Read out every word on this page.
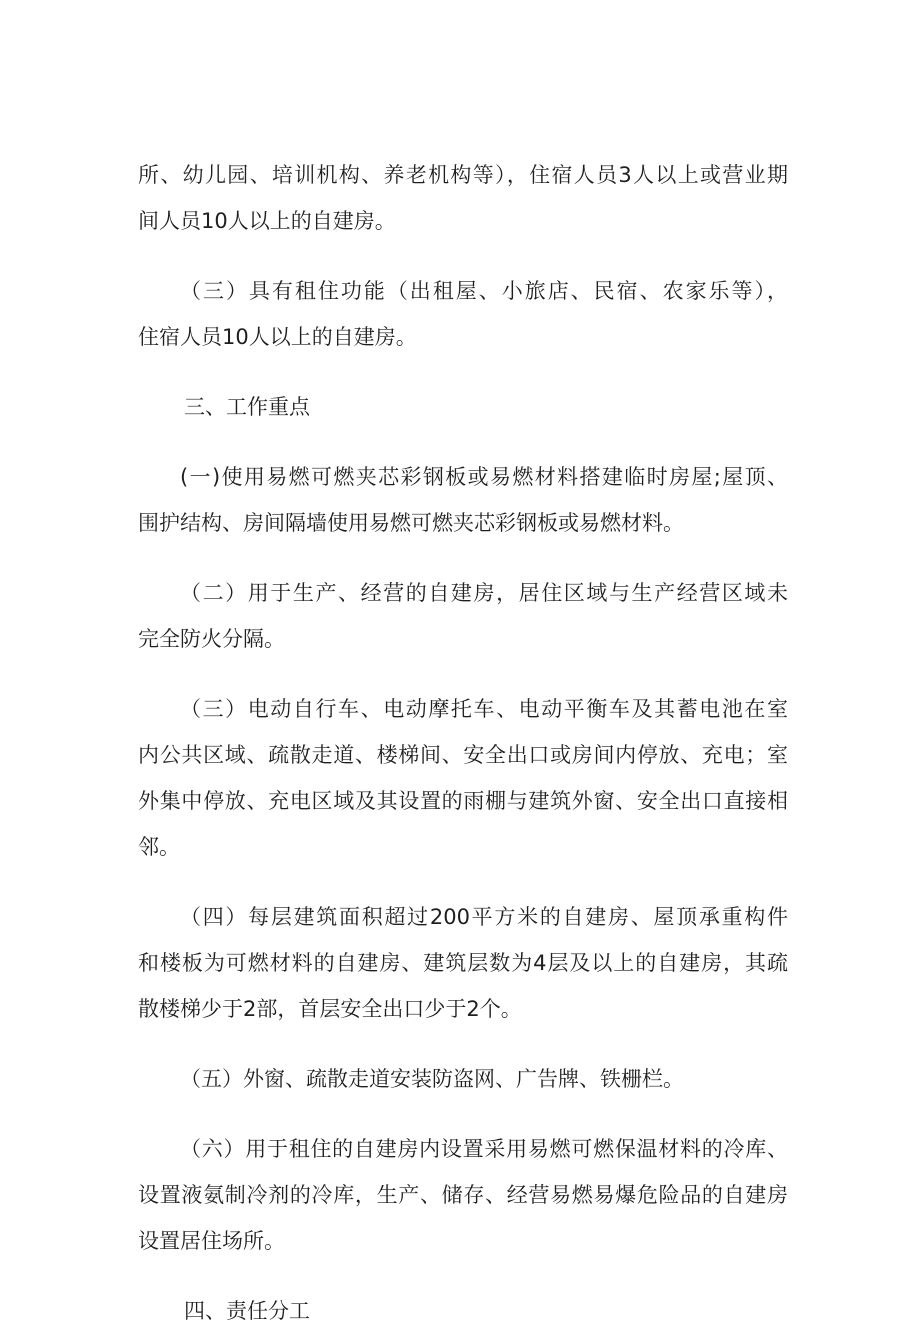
所、幼儿园、培训机构、养老机构等），住宿人员3人以上或营业期
间人员10人以上的自建房。
（三）具有租住功能（出租屋、小旅店、民宿、农家乐等），
住宿人员10人以上的自建房。
三、工作重点
(一)使用易燃可燃夹芯彩钢板或易燃材料搭建临时房屋;屋顶、
围护结构、房间隔墙使用易燃可燃夹芯彩钢板或易燃材料。
（二）用于生产、经营的自建房，居住区域与生产经营区域未
完全防火分隔。
（三）电动自行车、电动摩托车、电动平衡车及其蓄电池在室
内公共区域、疏散走道、楼梯间、安全出口或房间内停放、充电；室
外集中停放、充电区域及其设置的雨棚与建筑外窗、安全出口直接相
邻。
（四）每层建筑面积超过200平方米的自建房、屋顶承重构件
和楼板为可燃材料的自建房、建筑层数为4层及以上的自建房，其疏
散楼梯少于2部，首层安全出口少于2个。
（五）外窗、疏散走道安装防盗网、广告牌、铁栅栏。
（六）用于租住的自建房内设置采用易燃可燃保温材料的冷库、
设置液氨制冷剂的冷库，生产、储存、经营易燃易爆危险品的自建房
设置居住场所。
四、责任分工
